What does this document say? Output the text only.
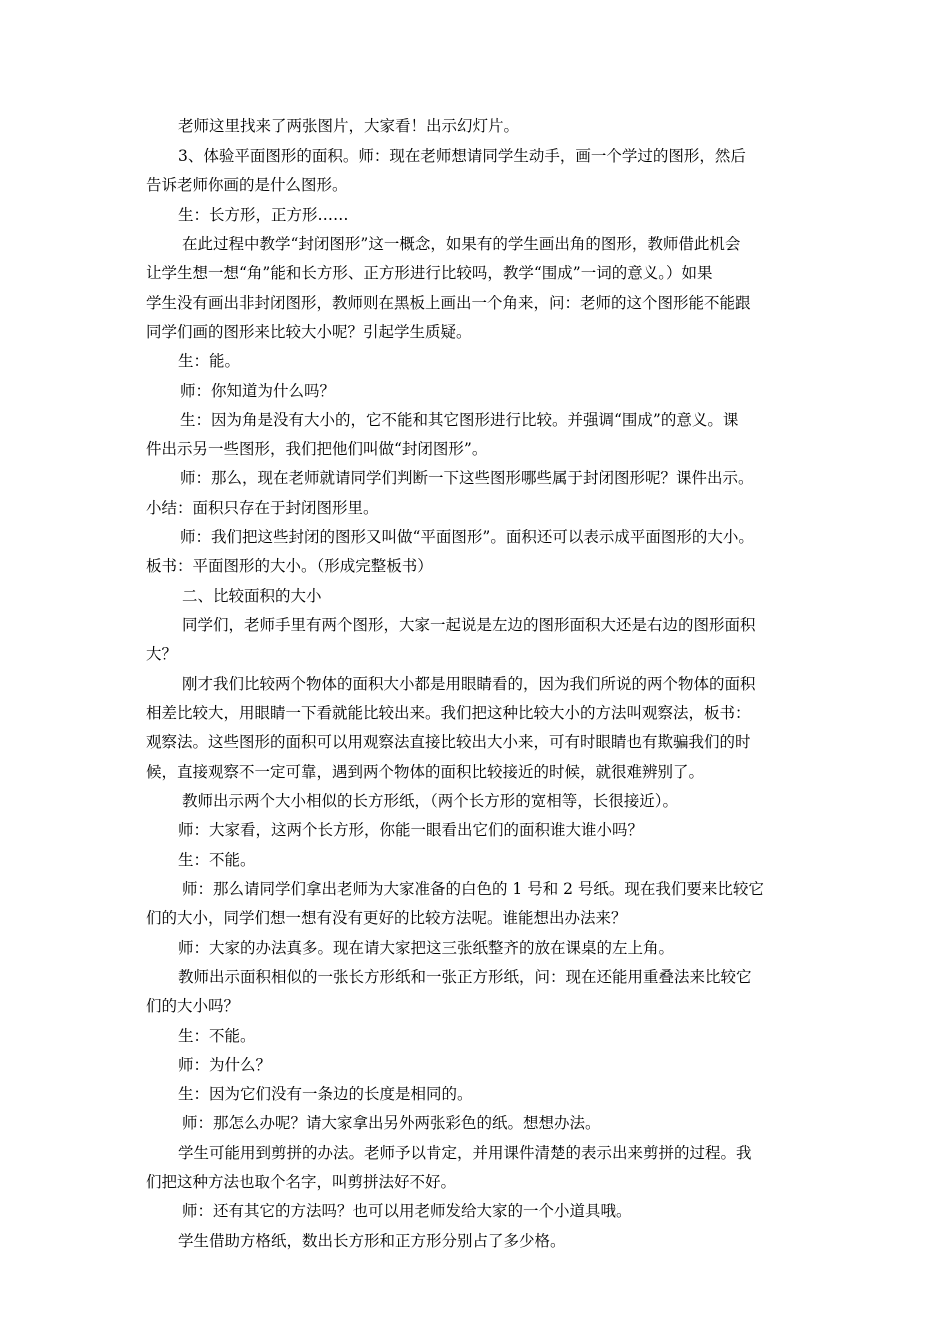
老师这里找来了两张图片，大家看！出示幻灯片。

3、体验平面图形的面积。师：现在老师想请同学生动手，画一个学过的图形，然后

告诉老师你画的是什么图形。

生：长方形，正方形……

在此过程中教学“封闭图形”这一概念，如果有的学生画出角的图形，教师借此机会

让学生想一想“角”能和长方形、正方形进行比较吗，教学“围成”一词的意义。）如果

学生没有画出非封闭图形，教师则在黑板上画出一个角来，问：老师的这个图形能不能跟

同学们画的图形来比较大小呢？引起学生质疑。

生：能。

师：你知道为什么吗？

生：因为角是没有大小的，它不能和其它图形进行比较。并强调“围成”的意义。课

件出示另一些图形，我们把他们叫做“封闭图形”。

师：那么，现在老师就请同学们判断一下这些图形哪些属于封闭图形呢？课件出示。

小结：面积只存在于封闭图形里。

师：我们把这些封闭的图形又叫做“平面图形”。面积还可以表示成平面图形的大小。

板书：平面图形的大小。（形成完整板书）

二、比较面积的大小

同学们，老师手里有两个图形，大家一起说是左边的图形面积大还是右边的图形面积

大？

刚才我们比较两个物体的面积大小都是用眼睛看的，因为我们所说的两个物体的面积

相差比较大，用眼睛一下看就能比较出来。我们把这种比较大小的方法叫观察法，板书：

观察法。这些图形的面积可以用观察法直接比较出大小来，可有时眼睛也有欺骗我们的时

候，直接观察不一定可靠，遇到两个物体的面积比较接近的时候，就很难辨别了。

教师出示两个大小相似的长方形纸，（两个长方形的宽相等，长很接近）。

师：大家看，这两个长方形，你能一眼看出它们的面积谁大谁小吗？

生：不能。

师：那么请同学们拿出老师为大家准备的白色的 1 号和 2 号纸。现在我们要来比较它

们的大小，同学们想一想有没有更好的比较方法呢。谁能想出办法来？

师：大家的办法真多。现在请大家把这三张纸整齐的放在课桌的左上角。

教师出示面积相似的一张长方形纸和一张正方形纸，问：现在还能用重叠法来比较它

们的大小吗？

生：不能。

师：为什么？

生：因为它们没有一条边的长度是相同的。

师：那怎么办呢？请大家拿出另外两张彩色的纸。想想办法。

学生可能用到剪拼的办法。老师予以肯定，并用课件清楚的表示出来剪拼的过程。我

们把这种方法也取个名字，叫剪拼法好不好。

师：还有其它的方法吗？也可以用老师发给大家的一个小道具哦。

学生借助方格纸，数出长方形和正方形分别占了多少格。
